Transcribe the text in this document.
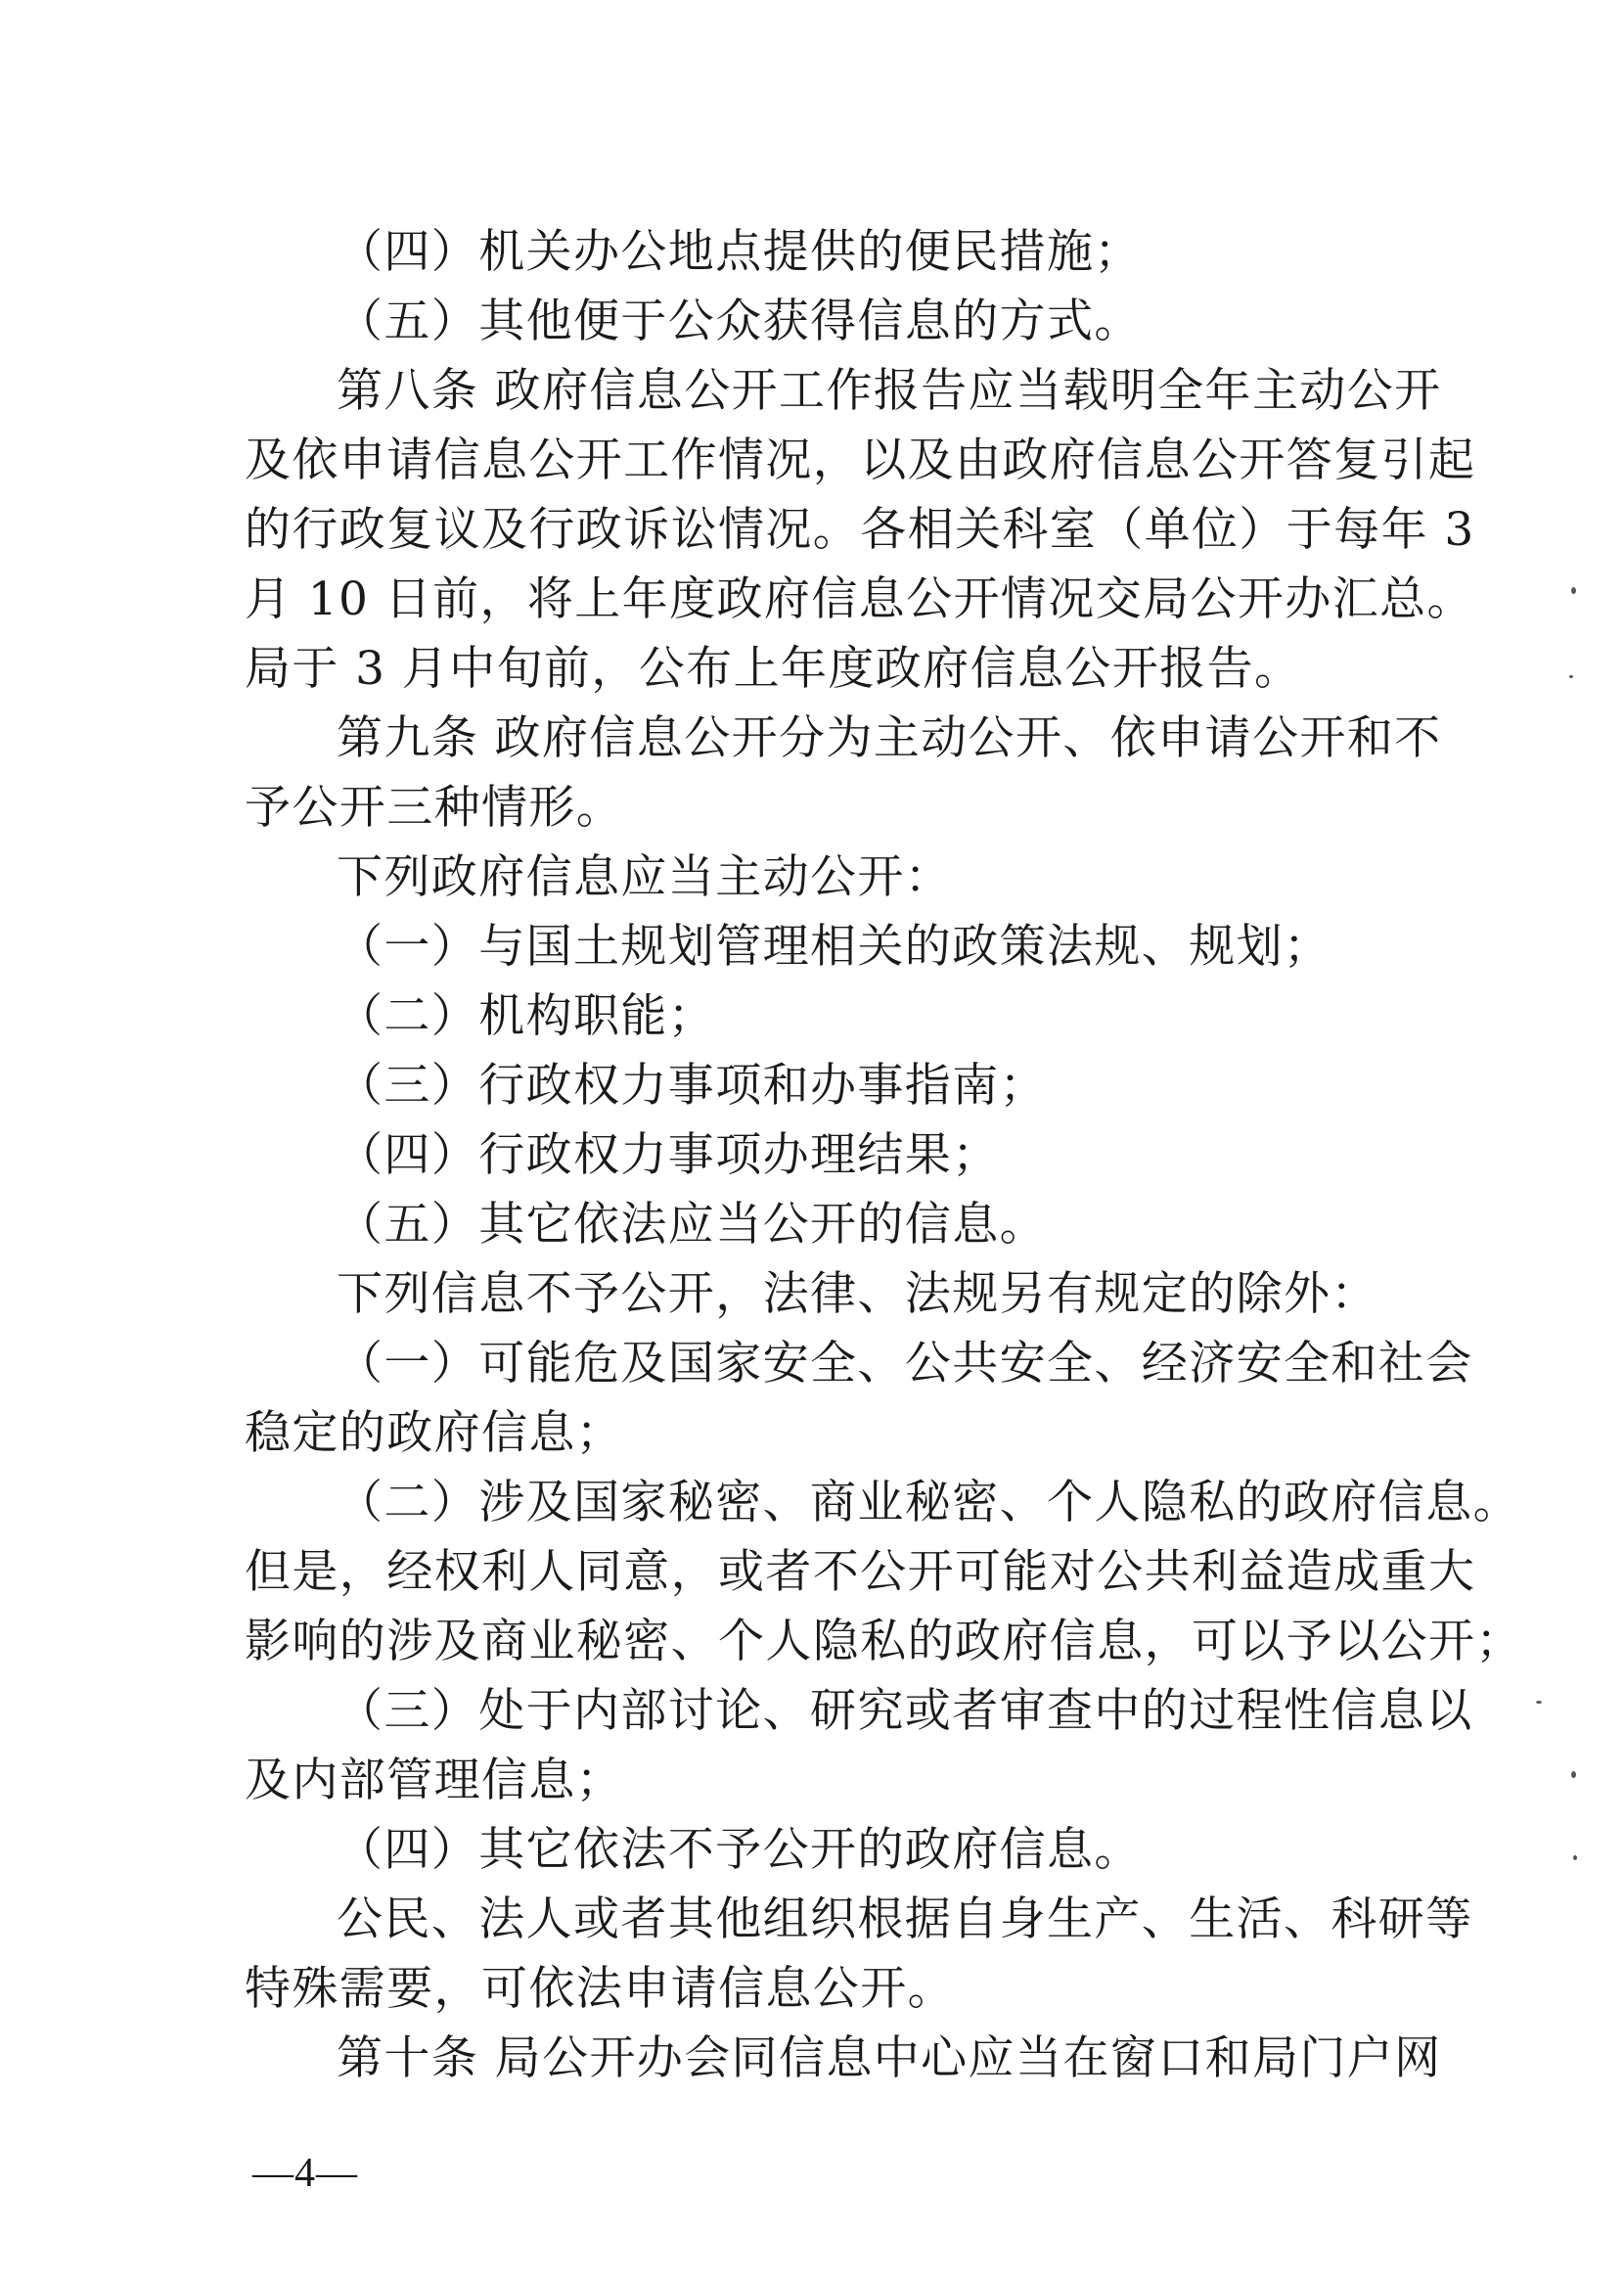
（四）机关办公地点提供的便民措施；
（五）其他便于公众获得信息的方式。
第八条 政府信息公开工作报告应当载明全年主动公开
及依申请信息公开工作情况，以及由政府信息公开答复引起
的行政复议及行政诉讼情况。各相关科室（单位）于每年 3
月 10 日前，将上年度政府信息公开情况交局公开办汇总。
局于 3 月中旬前，公布上年度政府信息公开报告。
第九条 政府信息公开分为主动公开、依申请公开和不
予公开三种情形。
下列政府信息应当主动公开：
（一）与国土规划管理相关的政策法规、规划；
（二）机构职能；
（三）行政权力事项和办事指南；
（四）行政权力事项办理结果；
（五）其它依法应当公开的信息。
下列信息不予公开，法律、法规另有规定的除外：
（一）可能危及国家安全、公共安全、经济安全和社会
稳定的政府信息；
（二）涉及国家秘密、商业秘密、个人隐私的政府信息。
但是，经权利人同意，或者不公开可能对公共利益造成重大
影响的涉及商业秘密、个人隐私的政府信息，可以予以公开；
（三）处于内部讨论、研究或者审查中的过程性信息以
及内部管理信息；
（四）其它依法不予公开的政府信息。
公民、法人或者其他组织根据自身生产、生活、科研等
特殊需要，可依法申请信息公开。
第十条 局公开办会同信息中心应当在窗口和局门户网
—4—
